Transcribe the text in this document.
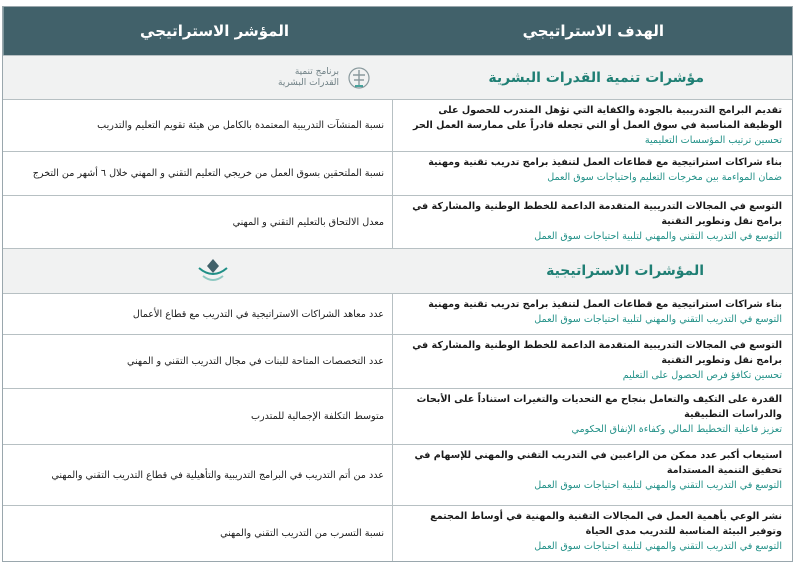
الهدف الاستراتيجي
المؤشر الاستراتيجي
مؤشرات تنمية القدرات البشرية
برنامج تنمية
القدرات البشرية
تقديم البرامج التدريبية بالجودة والكفاية التي تؤهل المتدرب للحصول على الوظيفة المناسبة في سوق العمل أو التي تجعله قادراً على ممارسة العمل الحر
تحسين ترتيب المؤسسات التعليمية
نسبة المنشآت التدريبية المعتمدة بالكامل من هيئة تقويم التعليم والتدريب
بناء شراكات استراتيجية مع قطاعات العمل لتنفيذ برامج تدريب تقنية ومهنية
ضمان المواءمة بين مخرجات التعليم واحتياجات سوق العمل
نسبة الملتحقين بسوق العمل من خريجي التعليم التقني و المهني خلال ٦ أشهر من التخرج
التوسع في المجالات التدريبية المتقدمة الداعمة للخطط الوطنية والمشاركة في برامج نقل وتطوير التقنية
التوسع في التدريب التقني والمهني لتلبية احتياجات سوق العمل
معدل الالتحاق بالتعليم التقني و المهني
المؤشرات الاستراتيجية
بناء شراكات استراتيجية مع قطاعات العمل لتنفيذ برامج تدريب تقنية ومهنية
التوسع في التدريب التقني والمهني لتلبية احتياجات سوق العمل
عدد معاهد الشراكات الاستراتيجية في التدريب مع قطاع الأعمال
التوسع في المجالات التدريبية المتقدمة الداعمة للخطط الوطنية والمشاركة في برامج نقل وتطوير التقنية
تحسين تكافؤ فرص الحصول على التعليم
عدد التخصصات المتاحة للبنات في مجال التدريب التقني و المهني
القدرة على التكيف والتعامل بنجاح مع التحديات والتغيرات استناداً على الأبحاث والدراسات التطبيقية
تعزيز فاعلية التخطيط المالي وكفاءة الإنفاق الحكومي
متوسط التكلفة الإجمالية للمتدرب
استيعاب أكبر عدد ممكن من الراغبين في التدريب التقني والمهني للإسهام في تحقيق التنمية المستدامة
التوسع في التدريب التقني والمهني لتلبية احتياجات سوق العمل
عدد من أتم التدريب في البرامج التدريبية والتأهيلية في قطاع التدريب التقني والمهني
نشر الوعي بأهمية العمل في المجالات التقنية والمهنية في أوساط المجتمع وتوفير البيئة المناسبة للتدريب مدى الحياة
التوسع في التدريب التقني والمهني لتلبية احتياجات سوق العمل
نسبة التسرب من التدريب التقني والمهني
